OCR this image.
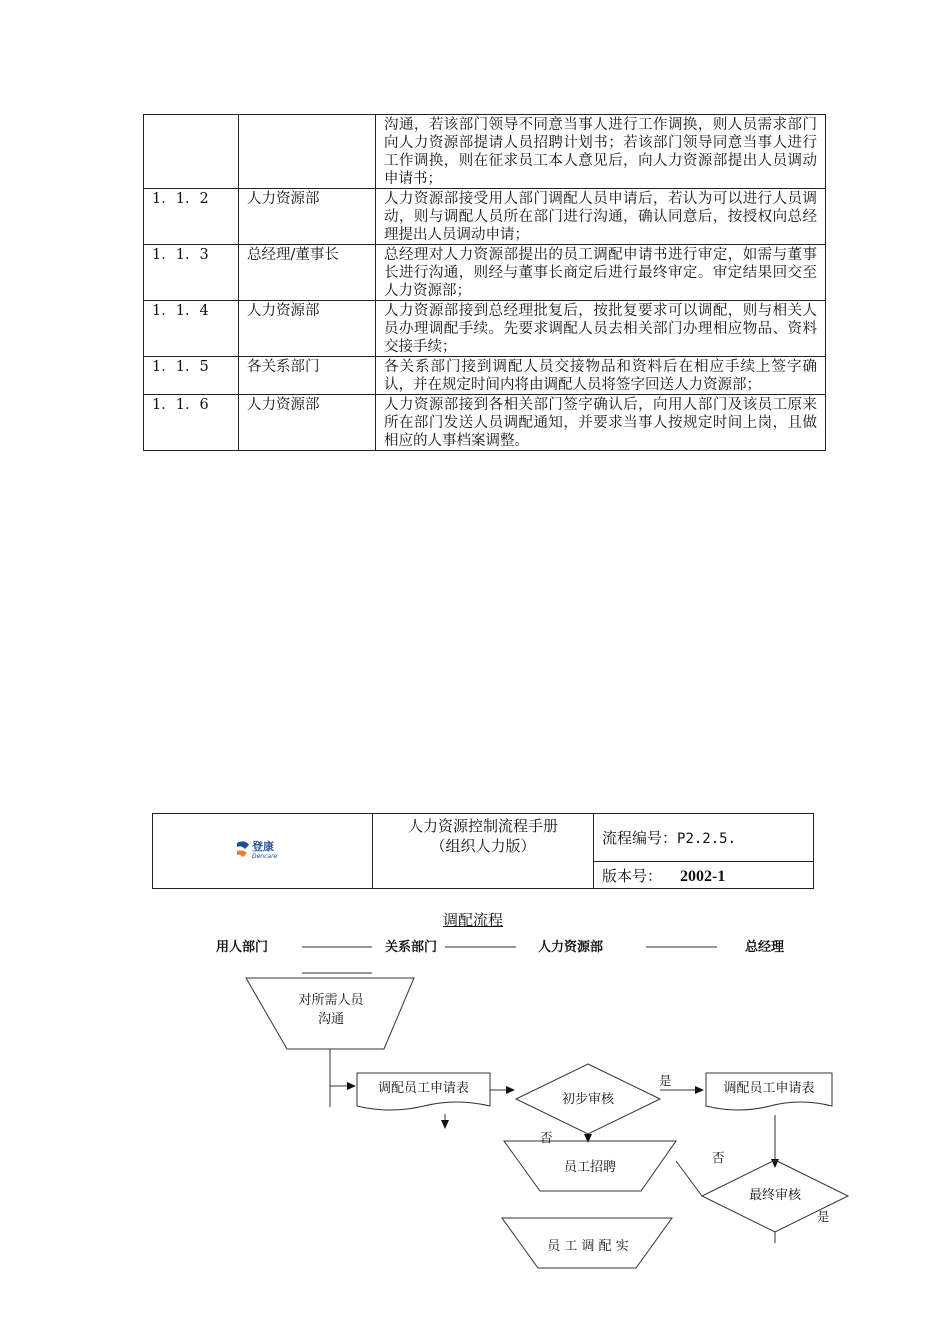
		沟通，若该部门领导不同意当事人进行工作调换，则人员需求部门向人力资源部提请人员招聘计划书；若该部门领导同意当事人进行工作调换，则在征求员工本人意见后，向人力资源部提出人员调动申请书；
1．1．2	人力资源部	人力资源部接受用人部门调配人员申请后，若认为可以进行人员调动，则与调配人员所在部门进行沟通，确认同意后，按授权向总经理提出人员调动申请；
1．1．3	总经理/董事长	总经理对人力资源部提出的员工调配申请书进行审定，如需与董事长进行沟通，则经与董事长商定后进行最终审定。审定结果回交至人力资源部；
1．1．4	人力资源部	人力资源部接到总经理批复后，按批复要求可以调配，则与相关人员办理调配手续。先要求调配人员去相关部门办理相应物品、资料交接手续；
1．1．5	各关系部门	各关系部门接到调配人员交接物品和资料后在相应手续上签字确认，并在规定时间内将由调配人员将签字回送人力资源部；
1．1．6	人力资源部	人力资源部接到各相关部门签字确认后，向用人部门及该员工原来所在部门发送人员调配通知，并要求当事人按规定时间上岗，且做相应的人事档案调整。
登康
Dencare

人力资源控制流程手册
（组织人力版）	流程编号：P2.2.5.
版本号： 2002-1
调配流程
用人部门	关系部门	人力资源部	总经理
对所需人员沟通
调配员工申请表
初步审核
调配员工申请表
员工招聘
最终审核
员 工 调 配 实
是
否
否
是
